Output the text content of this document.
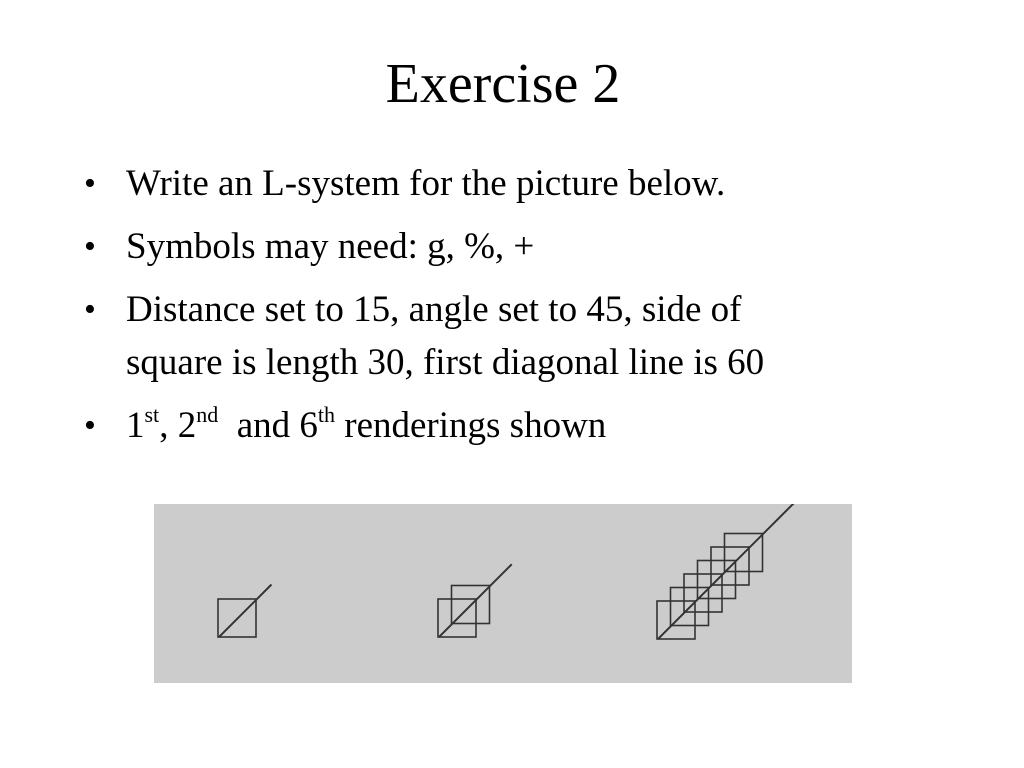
Exercise 2
• Write an L-system for the picture below.
• Symbols may need: g, %, +
• Distance set to 15, angle set to 45, side of
square is length 30, first diagonal line is 60
• 1st, 2nd  and 6th renderings shown
